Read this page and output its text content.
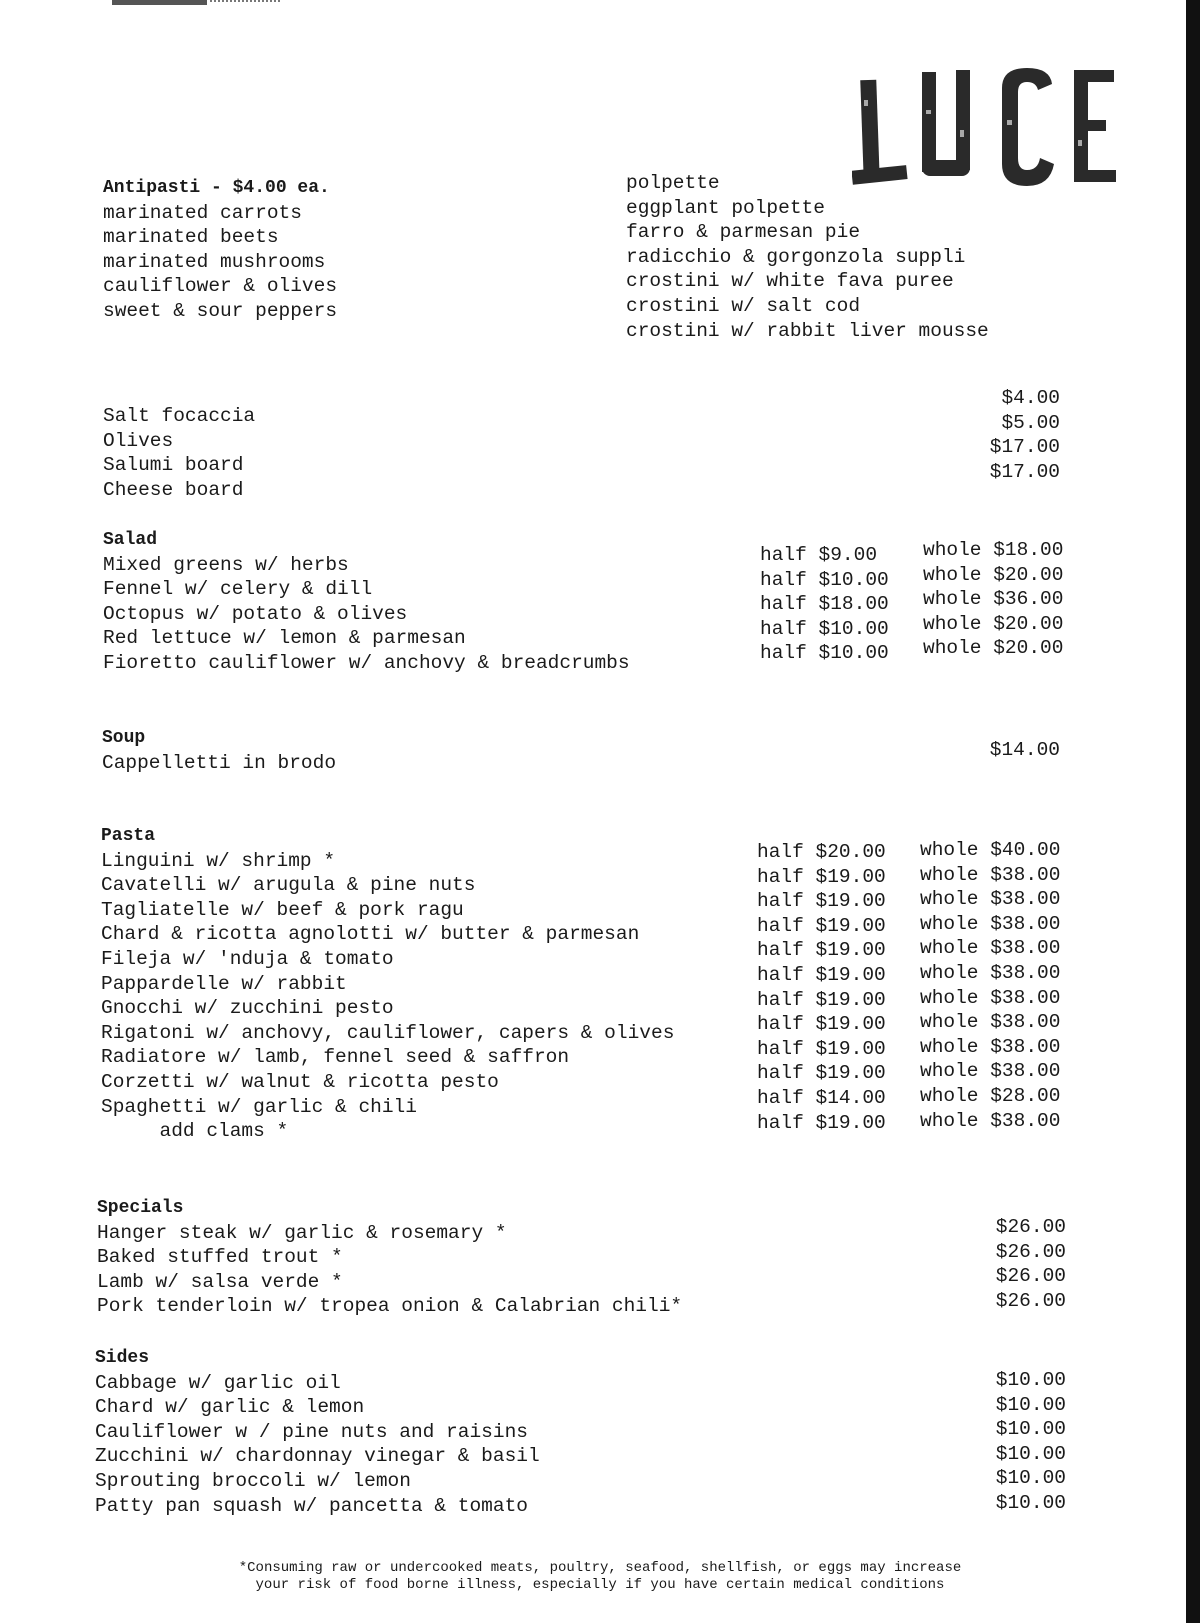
Antipasti - $4.00 ea.
marinated carrots
marinated beets
marinated mushrooms
cauliflower & olives
sweet & sour peppers
polpette
eggplant polpette
farro & parmesan pie
radicchio & gorgonzola suppli
crostini w/ white fava puree
crostini w/ salt cod
crostini w/ rabbit liver mousse
Salt focaccia
Olives
Salumi board
Cheese board
$4.00
$5.00
$17.00
$17.00
Salad
Mixed greens w/ herbs
Fennel w/ celery & dill
Octopus w/ potato & olives
Red lettuce w/ lemon & parmesan
Fioretto cauliflower w/ anchovy & breadcrumbs
half $9.00
half $10.00
half $18.00
half $10.00
half $10.00
whole $18.00
whole $20.00
whole $36.00
whole $20.00
whole $20.00
Soup
Cappelletti in brodo
$14.00
Pasta
Linguini w/ shrimp *
Cavatelli w/ arugula & pine nuts
Tagliatelle w/ beef & pork ragu
Chard & ricotta agnolotti w/ butter & parmesan
Fileja w/ 'nduja & tomato
Pappardelle w/ rabbit
Gnocchi w/ zucchini pesto
Rigatoni w/ anchovy, cauliflower, capers & olives
Radiatore w/ lamb, fennel seed & saffron
Corzetti w/ walnut & ricotta pesto
Spaghetti w/ garlic & chili
add clams *
half $20.00
half $19.00
half $19.00
half $19.00
half $19.00
half $19.00
half $19.00
half $19.00
half $19.00
half $19.00
half $14.00
half $19.00
whole $40.00
whole $38.00
whole $38.00
whole $38.00
whole $38.00
whole $38.00
whole $38.00
whole $38.00
whole $38.00
whole $38.00
whole $28.00
whole $38.00
Specials
Hanger steak w/ garlic & rosemary *
Baked stuffed trout *
Lamb w/ salsa verde *
Pork tenderloin w/ tropea onion & Calabrian chili*
$26.00
$26.00
$26.00
$26.00
Sides
Cabbage w/ garlic oil
Chard w/ garlic & lemon
Cauliflower w / pine nuts and raisins
Zucchini w/ chardonnay vinegar & basil
Sprouting broccoli w/ lemon
Patty pan squash w/ pancetta & tomato
$10.00
$10.00
$10.00
$10.00
$10.00
$10.00
*Consuming raw or undercooked meats, poultry, seafood, shellfish, or eggs may increase
your risk of food borne illness, especially if you have certain medical conditions
